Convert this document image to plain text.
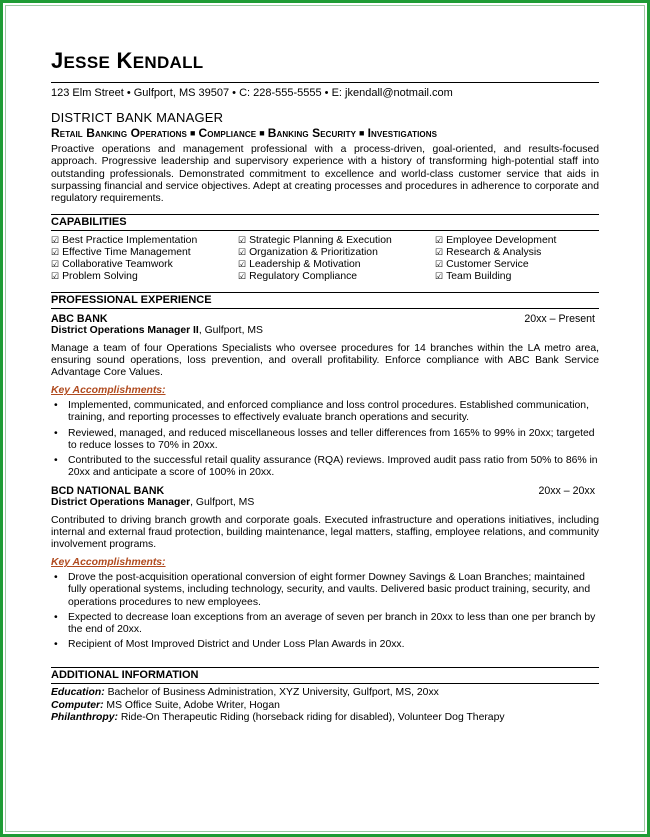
JESSE KENDALL
123 Elm Street • Gulfport, MS 39507 • C: 228-555-5555 • E: jkendall@notmail.com
DISTRICT BANK MANAGER
Retail Banking Operations ■ Compliance ■ Banking Security ■ Investigations
Proactive operations and management professional with a process-driven, goal-oriented, and results-focused approach. Progressive leadership and supervisory experience with a history of transforming high-potential staff into outstanding professionals. Demonstrated commitment to excellence and world-class customer service that aids in surpassing financial and service objectives. Adept at creating processes and procedures in adherence to corporate and regulatory requirements.
CAPABILITIES
☑ Best Practice Implementation
☑ Effective Time Management
☑ Collaborative Teamwork
☑ Problem Solving
☑ Strategic Planning & Execution
☑ Organization & Prioritization
☑ Leadership & Motivation
☑ Regulatory Compliance
☑ Employee Development
☑ Research & Analysis
☑ Customer Service
☑ Team Building
PROFESSIONAL EXPERIENCE
ABC BANK	20xx – Present
District Operations Manager II, Gulfport, MS
Manage a team of four Operations Specialists who oversee procedures for 14 branches within the LA metro area, ensuring sound operations, loss prevention, and overall profitability. Enforce compliance with ABC Bank Service Advantage Core Values.
Key Accomplishments:
• Implemented, communicated, and enforced compliance and loss control procedures. Established communication, training, and reporting processes to effectively evaluate branch operations and security.
• Reviewed, managed, and reduced miscellaneous losses and teller differences from 165% to 99% in 20xx; targeted to reduce losses to 70% in 20xx.
• Contributed to the successful retail quality assurance (RQA) reviews. Improved audit pass ratio from 50% to 86% in 20xx and anticipate a score of 100% in 20xx.
BCD NATIONAL BANK	20xx – 20xx
District Operations Manager, Gulfport, MS
Contributed to driving branch growth and corporate goals. Executed infrastructure and operations initiatives, including internal and external fraud protection, building maintenance, legal matters, staffing, employee relations, and community involvement programs.
Key Accomplishments:
• Drove the post-acquisition operational conversion of eight former Downey Savings & Loan Branches; maintained fully operational systems, including technology, security, and vaults. Delivered basic product training, security, and operations procedures to new employees.
• Expected to decrease loan exceptions from an average of seven per branch in 20xx to less than one per branch by the end of 20xx.
• Recipient of Most Improved District and Under Loss Plan Awards in 20xx.
ADDITIONAL INFORMATION
Education: Bachelor of Business Administration, XYZ University, Gulfport, MS, 20xx
Computer: MS Office Suite, Adobe Writer, Hogan
Philanthropy: Ride-On Therapeutic Riding (horseback riding for disabled), Volunteer Dog Therapy
